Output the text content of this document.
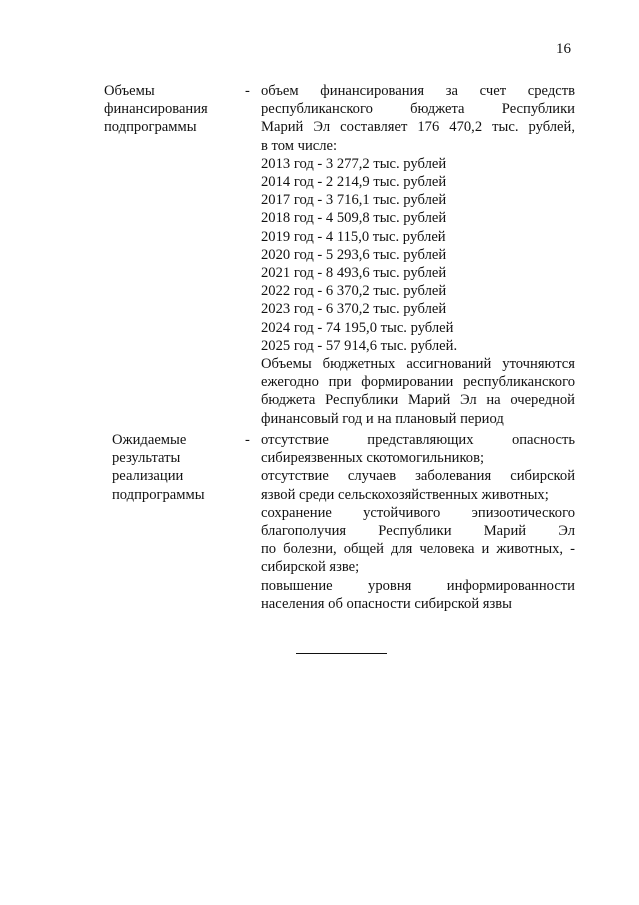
16
Объемы
финансирования
подпрограммы
- объем финансирования за счет средств
республиканского бюджета Республики
Марий Эл составляет 176 470,2 тыс. рублей,
в том числе:
2013 год - 3 277,2 тыс. рублей
2014 год - 2 214,9 тыс. рублей
2017 год - 3 716,1 тыс. рублей
2018 год - 4 509,8 тыс. рублей
2019 год - 4 115,0 тыс. рублей
2020 год - 5 293,6 тыс. рублей
2021 год - 8 493,6 тыс. рублей
2022 год - 6 370,2 тыс. рублей
2023 год - 6 370,2 тыс. рублей
2024 год - 74 195,0 тыс. рублей
2025 год - 57 914,6 тыс. рублей.
Объемы бюджетных ассигнований уточняются
ежегодно при формировании республиканского
бюджета Республики Марий Эл на очередной
финансовый год и на плановый период
Ожидаемые
результаты
реализации
подпрограммы
- отсутствие представляющих опасность
сибиреязвенных скотомогильников;
отсутствие случаев заболевания сибирской
язвой среди сельскохозяйственных животных;
сохранение устойчивого эпизоотического
благополучия Республики Марий Эл
по болезни, общей для человека и животных, -
сибирской язве;
повышение уровня информированности
населения об опасности сибирской язвы
